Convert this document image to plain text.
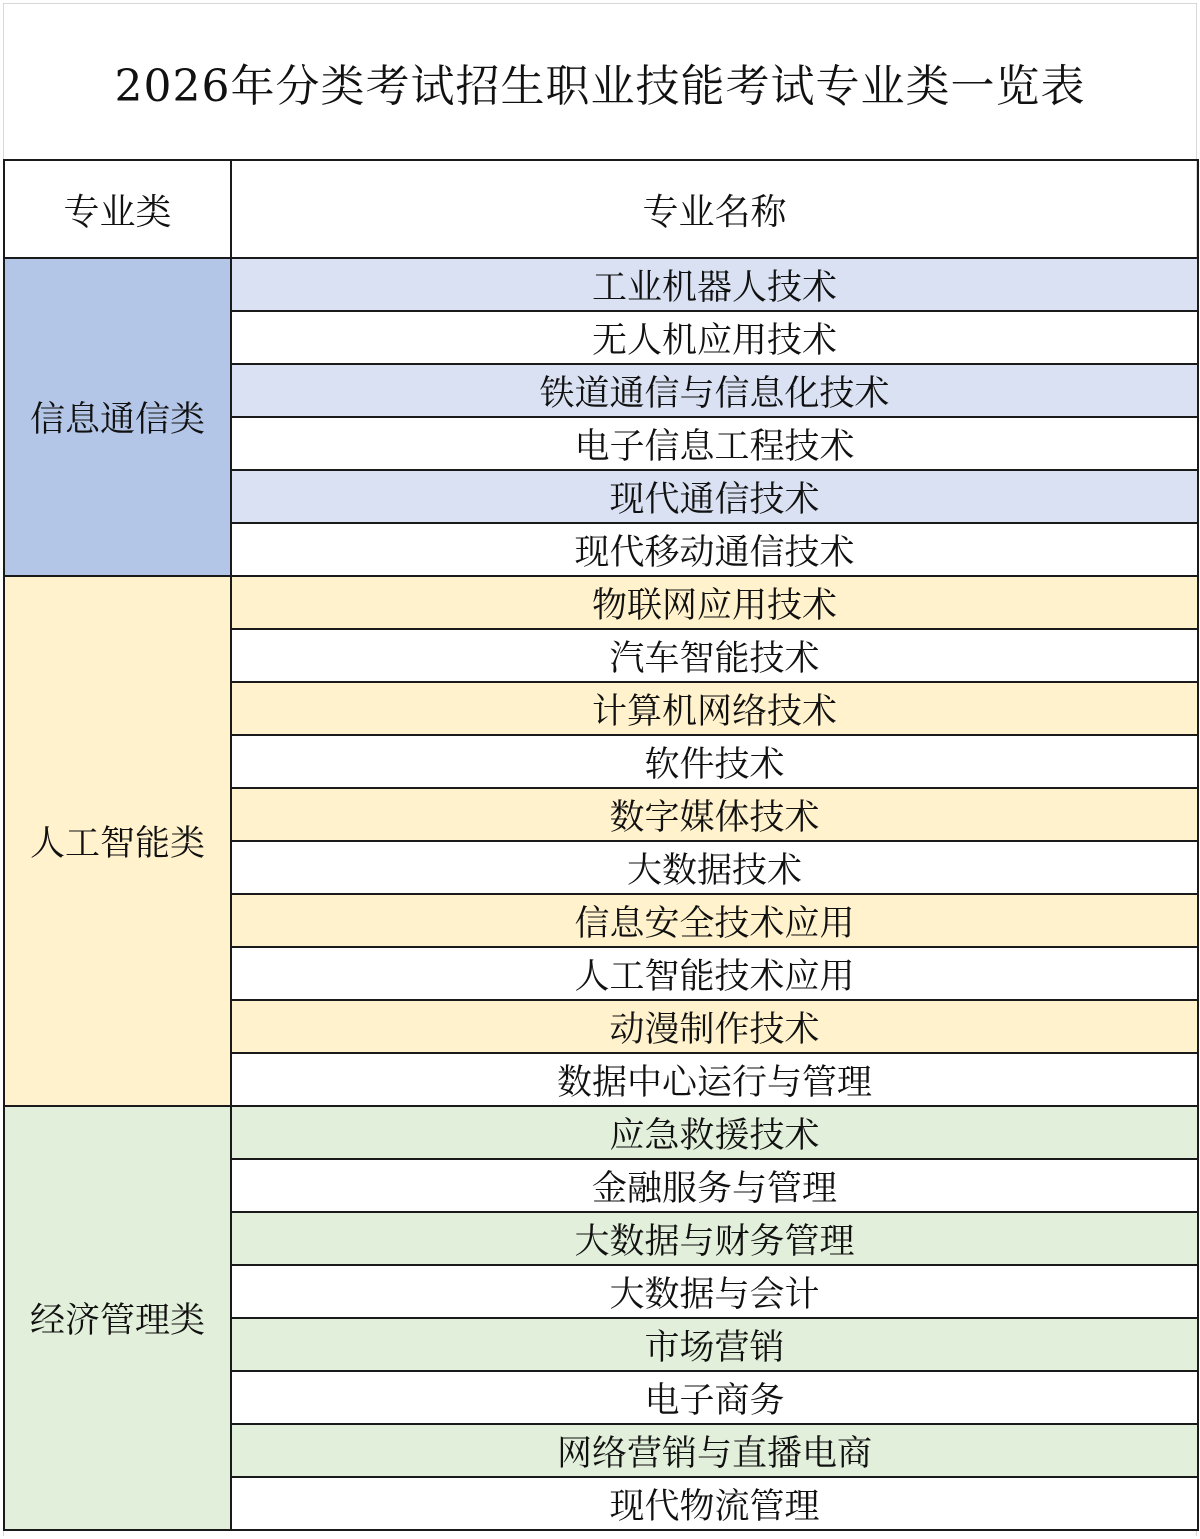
2026年分类考试招生职业技能考试专业类一览表
专业类	专业名称
信息通信类	工业机器人技术
	无人机应用技术
	铁道通信与信息化技术
	电子信息工程技术
	现代通信技术
	现代移动通信技术
人工智能类	物联网应用技术
	汽车智能技术
	计算机网络技术
	软件技术
	数字媒体技术
	大数据技术
	信息安全技术应用
	人工智能技术应用
	动漫制作技术
	数据中心运行与管理
经济管理类	应急救援技术
	金融服务与管理
	大数据与财务管理
	大数据与会计
	市场营销
	电子商务
	网络营销与直播电商
	现代物流管理
